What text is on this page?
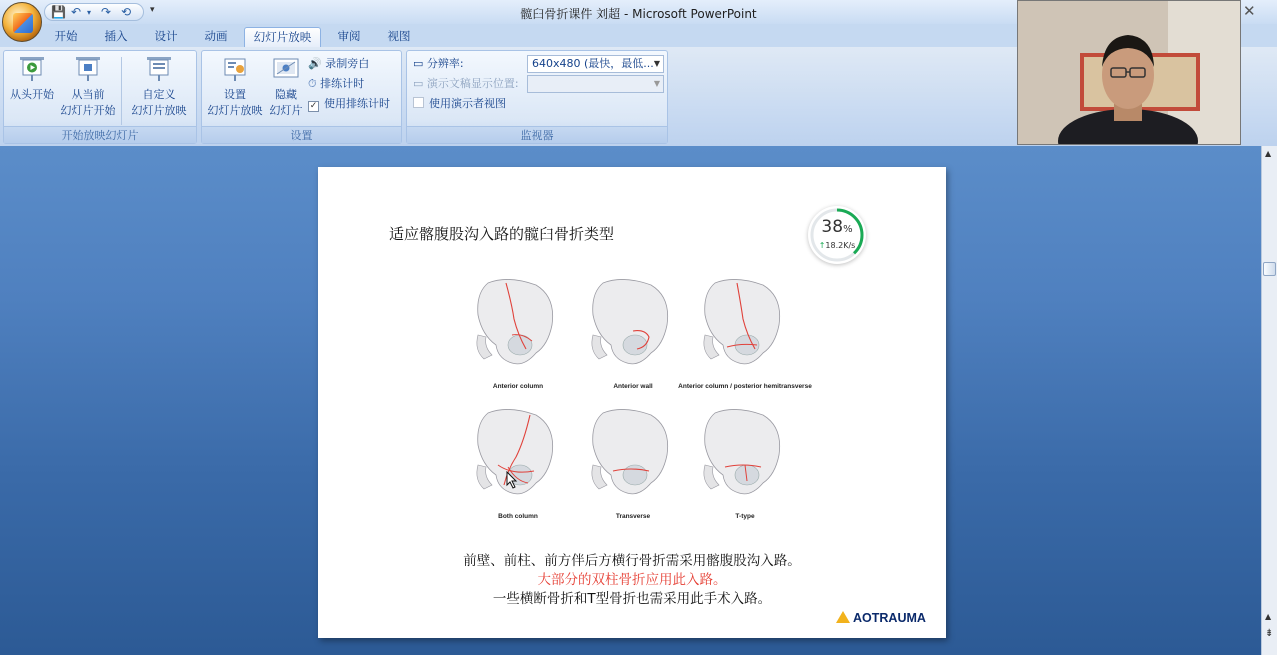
髋臼骨折课件 刘超 - Microsoft PowerPoint	✕
💾 ↶ ▾ ↷ ⟲ ▾
开始	插入	设计	动画	幻灯片放映	审阅	视图
从头开始	从当前
幻灯片开始
自定义
幻灯片放映
开始放映幻灯片
设置
幻灯片放映
隐藏
幻灯片
🔊 录制旁白
⏱ 排练计时
✓ 使用排练计时
设置
▭ 分辨率:	640x480 (最快，最低... ▼
▭ 演示文稿显示位置:	▼
使用演示者视图
监视器
▲
▲
⇟
适应髂腹股沟入路的髋臼骨折类型	38%
↑18.2K/s
Anterior column	Anterior wall	Anterior column / posterior hemitransverse
Both column	Transverse	T-type
前壁、前柱、前方伴后方横行骨折需采用髂腹股沟入路。
大部分的双柱骨折应用此入路。
一些横断骨折和T型骨折也需采用此手术入路。
AOTRAUMA
